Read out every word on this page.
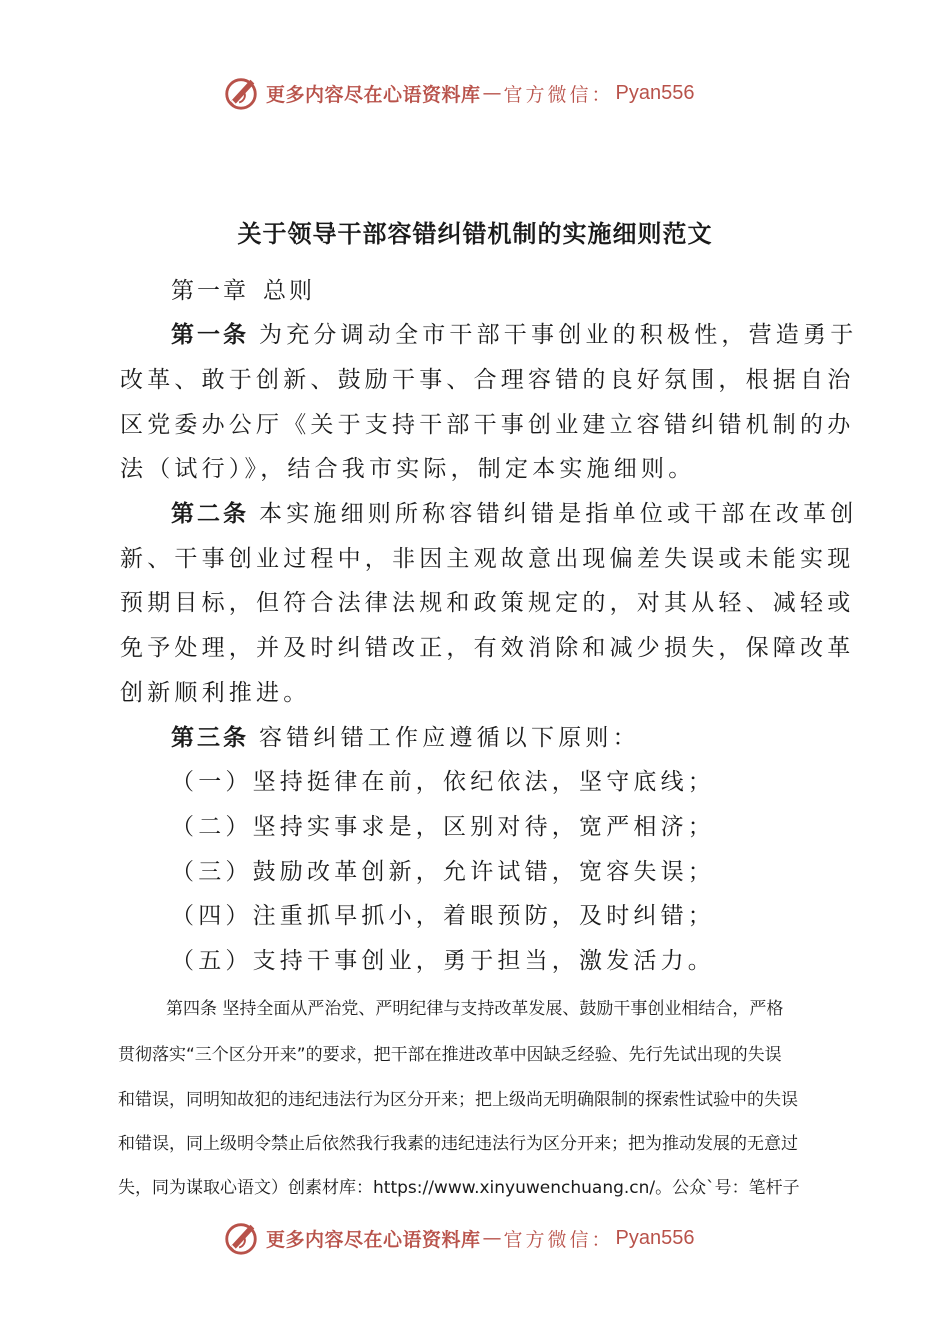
更多内容尽在心语资料库 — 官方微信： Pyan556
关于领导干部容错纠错机制的实施细则范文
第一章 总则
第一条 为充分调动全市干部干事创业的积极性，营造勇于
改革、敢于创新、鼓励干事、合理容错的良好氛围，根据自治
区党委办公厅《关于支持干部干事创业建立容错纠错机制的办
法（试行）》，结合我市实际，制定本实施细则。
第二条 本实施细则所称容错纠错是指单位或干部在改革创
新、干事创业过程中，非因主观故意出现偏差失误或未能实现
预期目标，但符合法律法规和政策规定的，对其从轻、减轻或
免予处理，并及时纠错改正，有效消除和减少损失，保障改革
创新顺利推进。
第三条 容错纠错工作应遵循以下原则：
（一）坚持挺律在前，依纪依法，坚守底线；
（二）坚持实事求是，区别对待，宽严相济；
（三）鼓励改革创新，允许试错，宽容失误；
（四）注重抓早抓小，着眼预防，及时纠错；
（五）支持干事创业，勇于担当，激发活力。
第四条 坚持全面从严治党、严明纪律与支持改革发展、鼓励干事创业相结合，严格
贯彻落实“三个区分开来”的要求，把干部在推进改革中因缺乏经验、先行先试出现的失误
和错误，同明知故犯的违纪违法行为区分开来；把上级尚无明确限制的探索性试验中的失误
和错误，同上级明令禁止后依然我行我素的违纪违法行为区分开来；把为推动发展的无意过
失，同为谋取心语文）创素材库：https://www.xinyuwenchuang.cn/。公众`号：笔杆子
更多内容尽在心语资料库 — 官方微信： Pyan556
